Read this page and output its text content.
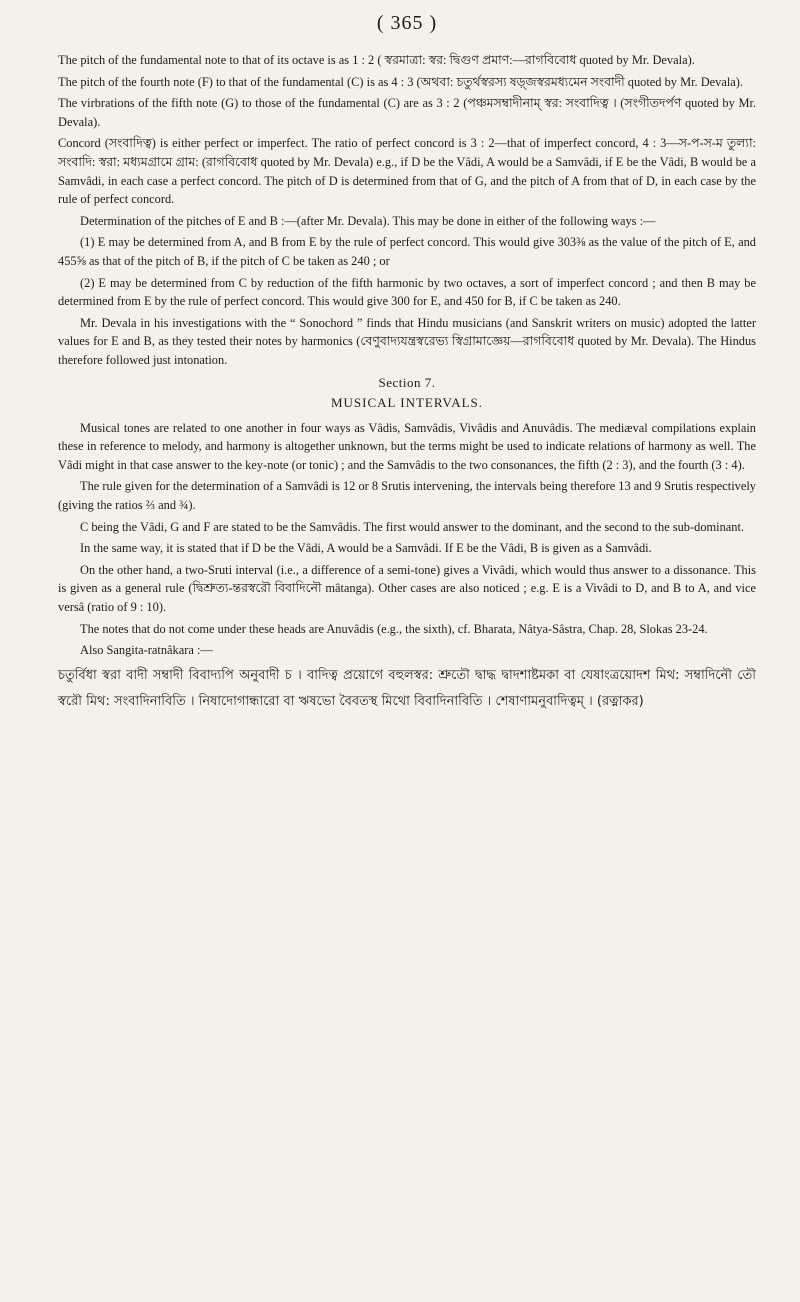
( 365 )

The pitch of the fundamental note to that of its octave is as 1 : 2 ( স্বরমাত্রা: স্বর: দ্বিগুণ প্রমাণ:—রাগবিবোধ quoted by Mr. Devala).

The pitch of the fourth note (F) to that of the fundamental (C) is as 4 : 3 (অথবা: চতুর্থস্বরস্য ষড়্জস্বরমধ্যমেন সংবাদী quoted by Mr. Devala).

The virbrations of the fifth note (G) to those of the fundamental (C) are as 3 : 2 (পঞ্চমসম্বাদীনাম্ স্বর: সংবাদিত্ব । (সংগীতদর্পণ quoted by Mr. Devala).

Concord (সংবাদিত্ব) is either perfect or imperfect. The ratio of perfect concord is 3 : 2—that of imperfect concord, 4 : 3—স-প-স-ম তুল্যা: সংবাদি: স্বরা: মধ্যমগ্রামে গ্রাম: (রাগবিবোধ quoted by Mr. Devala) e.g., if D be the Vâdi, A would be a Samvâdi, if E be the Vâdi, B would be a Samvâdi, in each case a perfect concord. The pitch of D is determined from that of G, and the pitch of A from that of D, in each case by the rule of perfect concord.

Determination of the pitches of E and B :—(after Mr. Devala). This may be done in either of the following ways :—

(1) E may be determined from A, and B from E by the rule of perfect concord. This would give 303⅜ as the value of the pitch of E, and 455⅝ as that of the pitch of B, if the pitch of C be taken as 240 ; or

(2) E may be determined from C by reduction of the fifth harmonic by two octaves, a sort of imperfect concord ; and then B may be determined from E by the rule of perfect concord. This would give 300 for E, and 450 for B, if C be taken as 240.

Mr. Devala in his investigations with the “ Sonochord ” finds that Hindu musicians (and Sanskrit writers on music) adopted the latter values for E and B, as they tested their notes by harmonics (বেণুবাদ্যযন্ত্রস্বরেভ্য স্বিগ্রামাজ্ঞেয়—রাগবিবোধ quoted by Mr. Devala). The Hindus therefore followed just intonation.

Section 7.
MUSICAL INTERVALS.

Musical tones are related to one another in four ways as Vâdis, Samvâdis, Vivâdis and Anuvâdis. The mediæval compilations explain these in reference to melody, and harmony is altogether unknown, but the terms might be used to indicate relations of harmony as well. The Vâdi might in that case answer to the key-note (or tonic) ; and the Samvâdis to the two consonances, the fifth (2 : 3), and the fourth (3 : 4).

The rule given for the determination of a Samvâdi is 12 or 8 Srutis intervening, the intervals being therefore 13 and 9 Srutis respectively (giving the ratios ⅔ and ¾).

C being the Vâdi, G and F are stated to be the Samvâdis. The first would answer to the dominant, and the second to the sub-dominant.

In the same way, it is stated that if D be the Vâdi, A would be a Samvâdi. If E be the Vâdi, B is given as a Samvâdi.

On the other hand, a two-Sruti interval (i.e., a difference of a semi-tone) gives a Vivâdi, which would thus answer to a dissonance. This is given as a general rule (দ্বিশ্রুত্য-ন্তরস্বরৌ বিবাদিনৌ mâtanga). Other cases are also noticed ; e.g. E is a Vivâdi to D, and B to A, and vice versâ (ratio of 9 : 10).

The notes that do not come under these heads are Anuvâdis (e.g., the sixth), cf. Bharata, Nâtya-Sâstra, Chap. 28, Slokas 23-24.

Also Sangita-ratnâkara :—

চতুর্বিধা স্বরা বাদী সম্বাদী বিবাদ্যপি অনুবাদী চ । বাদিত্ব প্রয়োগে বহুলস্বর: শ্রুতৌ দ্বাদ্ধ দ্বাদশাষ্টমকা বা যেষাংত্রয়োদশ মিথ: সম্বাদিনৌ তৌ স্বরৌ মিথ: সংবাদিনাবিতি । নিষাদোগান্ধারো বা ঋষভো বৈবতস্থ মিথো বিবাদিনাবিতি । শেষাণামনুবাদিত্বম্ । (রত্নাকর)
